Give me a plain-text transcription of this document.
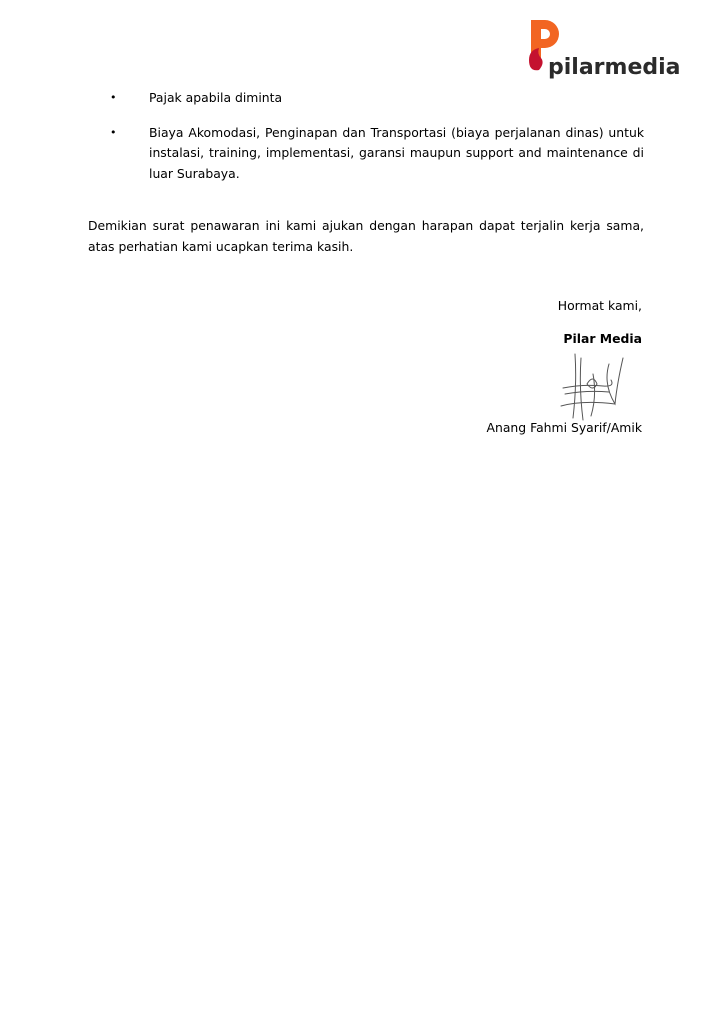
pilarmedia
•	Pajak apabila diminta
•	Biaya Akomodasi, Penginapan dan Transportasi (biaya perjalanan dinas) untuk instalasi, training, implementasi, garansi maupun support and maintenance di luar Surabaya.

Demikian surat penawaran ini kami ajukan dengan harapan dapat terjalin kerja sama, atas perhatian kami ucapkan terima kasih.

Hormat kami,

Pilar Media

Anang Fahmi Syarif/Amik
